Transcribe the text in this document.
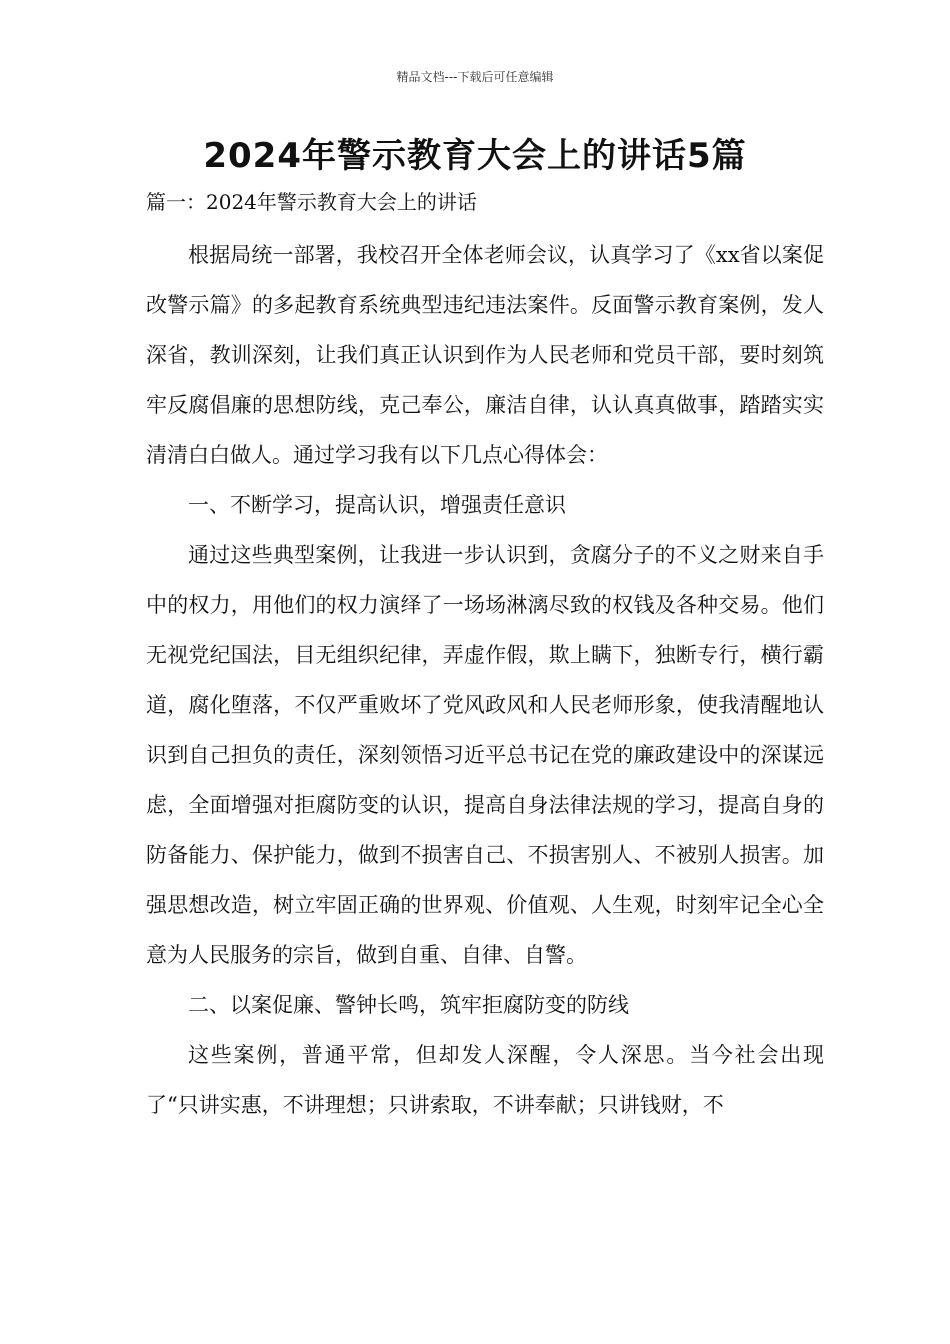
精品文档---下载后可任意编辑
2024年警示教育大会上的讲话5篇
篇一：2024年警示教育大会上的讲话

根据局统一部署，我校召开全体老师会议，认真学习了《xx省以案促改警示篇》的多起教育系统典型违纪违法案件。反面警示教育案例，发人深省，教训深刻，让我们真正认识到作为人民老师和党员干部，要时刻筑牢反腐倡廉的思想防线，克己奉公，廉洁自律，认认真真做事，踏踏实实清清白白做人。通过学习我有以下几点心得体会：

一、不断学习，提高认识，增强责任意识

通过这些典型案例，让我进一步认识到，贪腐分子的不义之财来自手中的权力，用他们的权力演绎了一场场淋漓尽致的权钱及各种交易。他们无视党纪国法，目无组织纪律，弄虚作假，欺上瞒下，独断专行，横行霸道，腐化堕落，不仅严重败坏了党风政风和人民老师形象，使我清醒地认识到自己担负的责任，深刻领悟习近平总书记在党的廉政建设中的深谋远虑，全面增强对拒腐防变的认识，提高自身法律法规的学习，提高自身的防备能力、保护能力，做到不损害自己、不损害别人、不被别人损害。加强思想改造，树立牢固正确的世界观、价值观、人生观，时刻牢记全心全意为人民服务的宗旨，做到自重、自律、自警。

二、以案促廉、警钟长鸣，筑牢拒腐防变的防线

这些案例，普通平常，但却发人深醒，令人深思。当今社会出现了“只讲实惠，不讲理想；只讲索取，不讲奉献；只讲钱财，不
